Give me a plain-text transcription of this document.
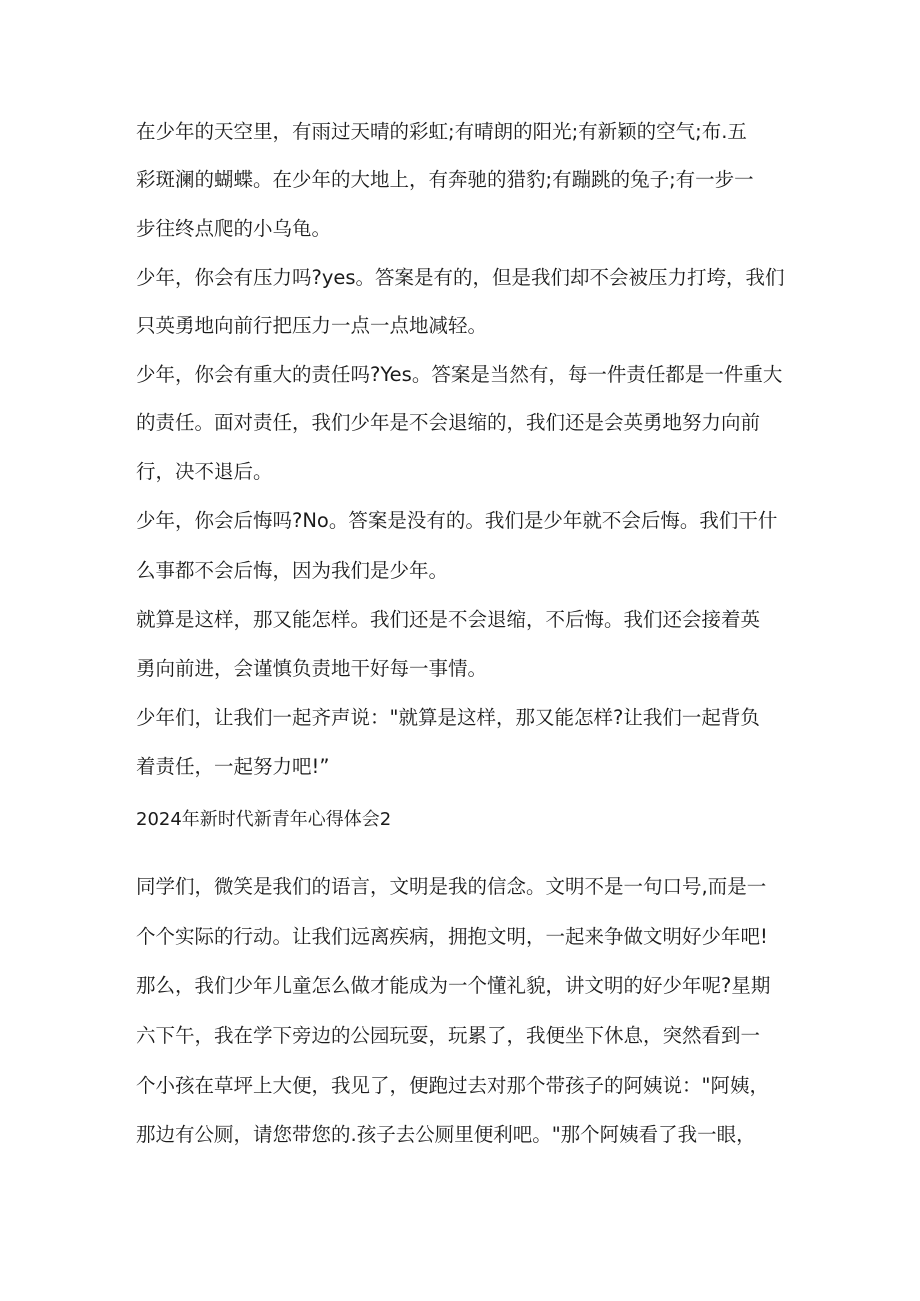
在少年的天空里，有雨过天晴的彩虹;有晴朗的阳光;有新颖的空气;布.五
彩斑澜的蝴蝶。在少年的大地上，有奔驰的猎豹;有蹦跳的兔子;有一步一
步往终点爬的小乌龟。
少年，你会有压力吗?yes。答案是有的，但是我们却不会被压力打垮，我们
只英勇地向前行把压力一点一点地减轻。
少年，你会有重大的责任吗?Yes。答案是当然有，每一件责任都是一件重大
的责任。面对责任，我们少年是不会退缩的，我们还是会英勇地努力向前
行，决不退后。
少年，你会后悔吗?No。答案是没有的。我们是少年就不会后悔。我们干什
么事都不会后悔，因为我们是少年。
就算是这样，那又能怎样。我们还是不会退缩，不后悔。我们还会接着英
勇向前进，会谨慎负责地干好每一事情。
少年们，让我们一起齐声说："就算是这样，那又能怎样?让我们一起背负
着责任，一起努力吧!”
2024年新时代新青年心得体会2
同学们，微笑是我们的语言，文明是我的信念。文明不是一句口号,而是一
个个实际的行动。让我们远离疾病，拥抱文明，一起来争做文明好少年吧!
那么，我们少年儿童怎么做才能成为一个懂礼貌，讲文明的好少年呢?星期
六下午，我在学下旁边的公园玩耍，玩累了，我便坐下休息，突然看到一
个小孩在草坪上大便，我见了，便跑过去对那个带孩子的阿姨说："阿姨，
那边有公厕，请您带您的.孩子去公厕里便利吧。"那个阿姨看了我一眼，
